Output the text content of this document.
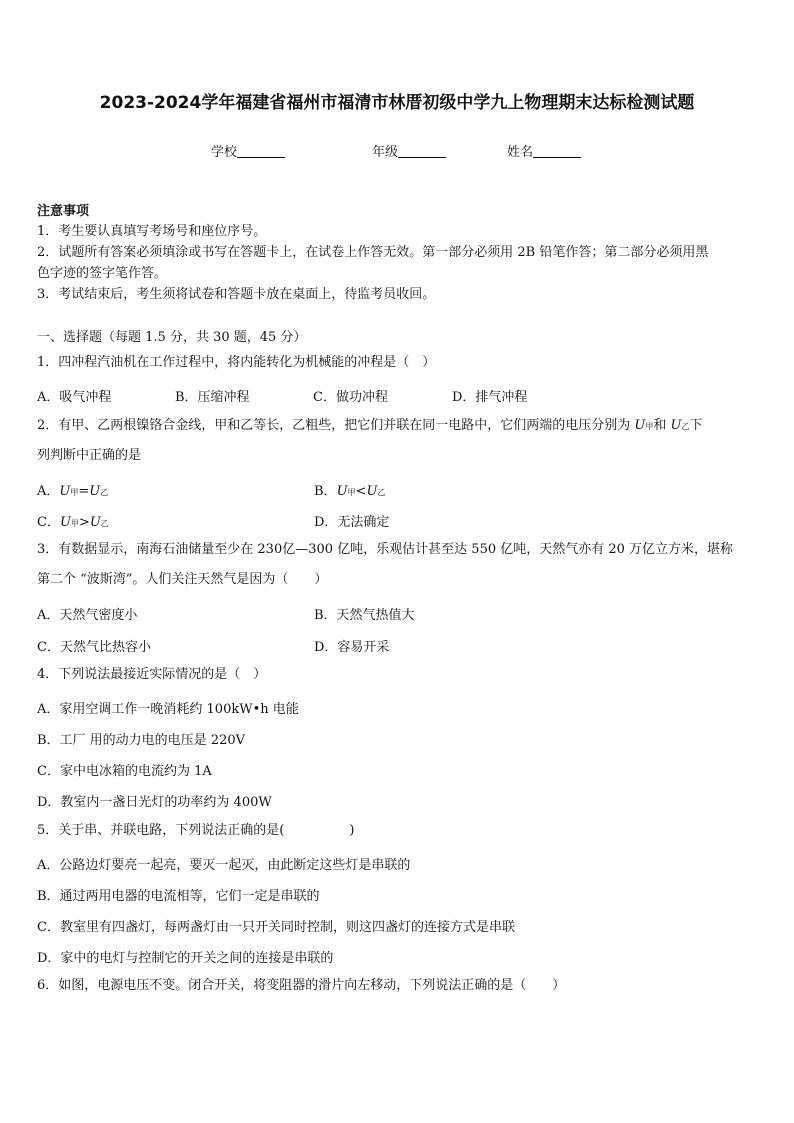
2023-2024学年福建省福州市福清市林厝初级中学九上物理期末达标检测试题
学校	年级	姓名
注意事项
1．考生要认真填写考场号和座位序号。
2．试题所有答案必须填涂或书写在答题卡上，在试卷上作答无效。第一部分必须用 2B 铅笔作答；第二部分必须用黑
色字迹的签字笔作答。
3．考试结束后，考生须将试卷和答题卡放在桌面上，待监考员收回。
一、选择题（每题 1.5 分，共 30 题，45 分）
1．四冲程汽油机在工作过程中，将内能转化为机械能的冲程是（　）
A．吸气冲程	B．压缩冲程	C．做功冲程	D．排气冲程
2．有甲、乙两根镍铬合金线，甲和乙等长，乙粗些，把它们并联在同一电路中，它们两端的电压分别为 U甲和 U乙下
列判断中正确的是
A．U甲=U乙	B．U甲<U乙
C．U甲>U乙	D．无法确定
3．有数据显示，南海石油储量至少在 230亿—300 亿吨，乐观估计甚至达 550 亿吨，天然气亦有 20 万亿立方米，堪称
第二个 “波斯湾”。人们关注天然气是因为（　　）
A．天然气密度小	B．天然气热值大
C．天然气比热容小	D．容易开采
4．下列说法最接近实际情况的是（　）
A．家用空调工作一晚消耗约 100kW•h 电能
B．工厂 用的动力电的电压是 220V
C．家中电冰箱的电流约为 1A
D．教室内一盏日光灯的功率约为 400W
5．关于串、并联电路，下列说法正确的是(　　　　　)
A．公路边灯要亮一起亮，要灭一起灭，由此断定这些灯是串联的
B．通过两用电器的电流相等，它们一定是串联的
C．教室里有四盏灯，每两盏灯由一只开关同时控制，则这四盏灯的连接方式是串联
D．家中的电灯与控制它的开关之间的连接是串联的
6．如图，电源电压不变。闭合开关，将变阻器的滑片向左移动，下列说法正确的是（　　）
